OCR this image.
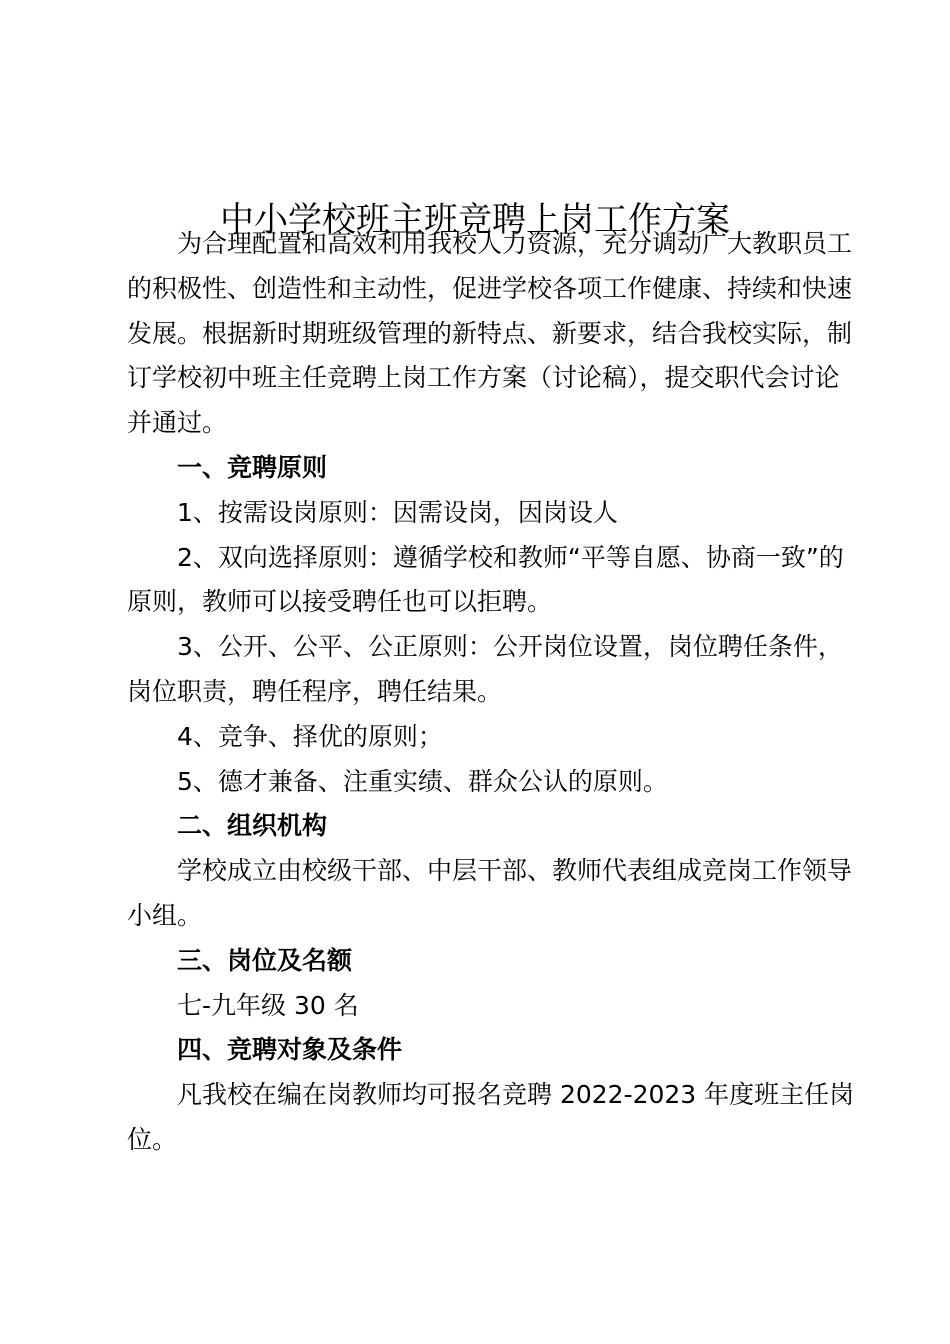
中小学校班主班竞聘上岗工作方案

为合理配置和高效利用我校人力资源，充分调动广大教职员工的积极性、创造性和主动性，促进学校各项工作健康、持续和快速发展。根据新时期班级管理的新特点、新要求，结合我校实际，制订学校初中班主任竞聘上岗工作方案（讨论稿），提交职代会讨论并通过。

一、竞聘原则

1、按需设岗原则：因需设岗，因岗设人

2、双向选择原则：遵循学校和教师“平等自愿、协商一致”的原则，教师可以接受聘任也可以拒聘。

3、公开、公平、公正原则：公开岗位设置，岗位聘任条件，岗位职责，聘任程序，聘任结果。

4、竞争、择优的原则；

5、德才兼备、注重实绩、群众公认的原则。

二、组织机构

学校成立由校级干部、中层干部、教师代表组成竞岗工作领导小组。

三、岗位及名额

七-九年级 30 名

四、竞聘对象及条件

凡我校在编在岗教师均可报名竞聘 2022-2023 年度班主任岗位。
